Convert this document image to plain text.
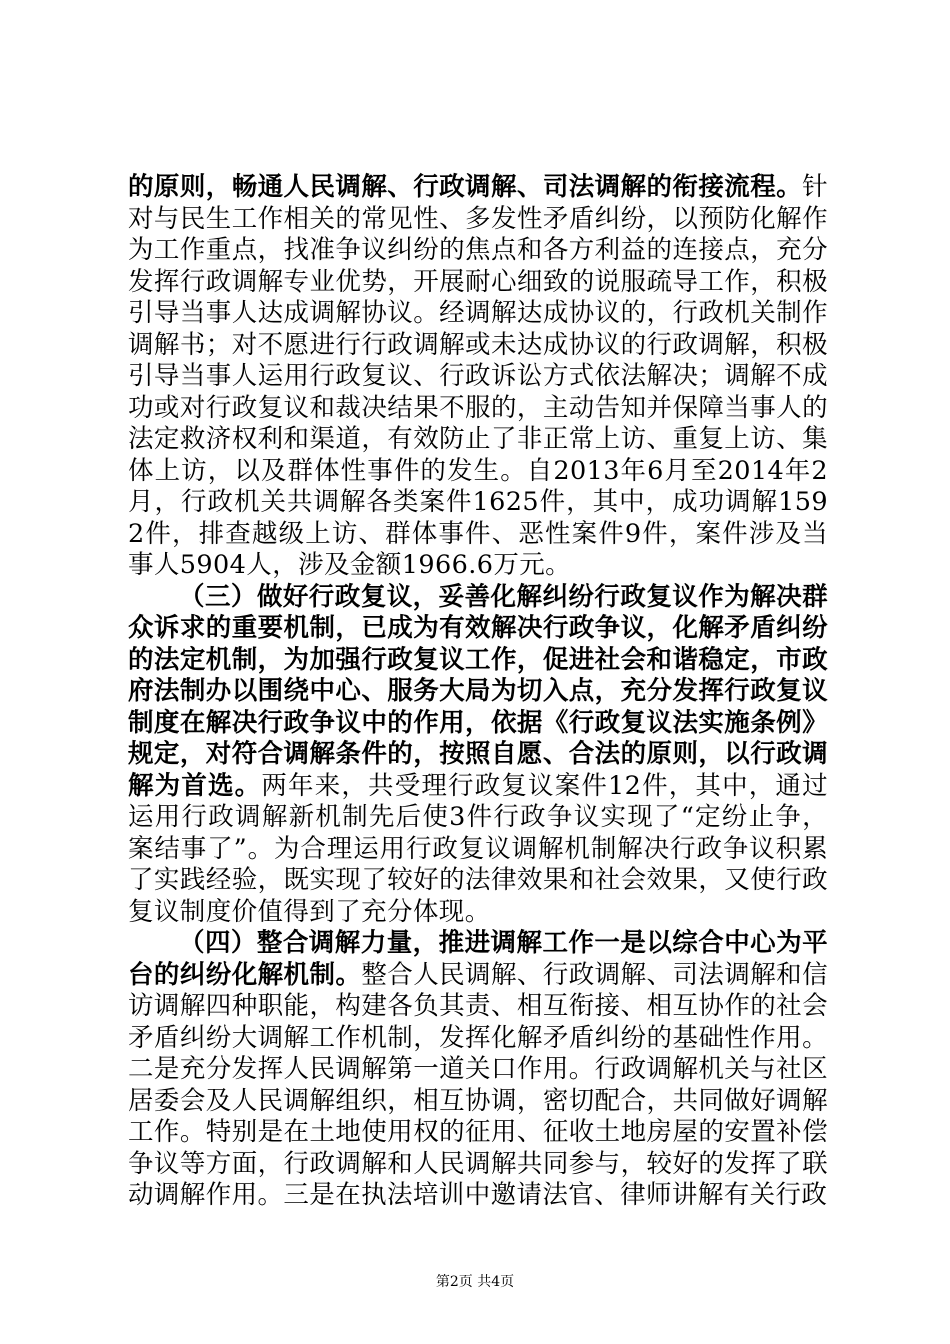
的原则，畅通人民调解、行政调解、司法调解的衔接流程。针对与民生工作相关的常见性、多发性矛盾纠纷，以预防化解作为工作重点，找准争议纠纷的焦点和各方利益的连接点，充分发挥行政调解专业优势，开展耐心细致的说服疏导工作，积极引导当事人达成调解协议。经调解达成协议的，行政机关制作调解书；对不愿进行行政调解或未达成协议的行政调解，积极引导当事人运用行政复议、行政诉讼方式依法解决；调解不成功或对行政复议和裁决结果不服的，主动告知并保障当事人的法定救济权利和渠道，有效防止了非正常上访、重复上访、集体上访，以及群体性事件的发生。自2013年6月至2014年2月，行政机关共调解各类案件1625件，其中，成功调解1592件，排查越级上访、群体事件、恶性案件9件，案件涉及当事人5904人，涉及金额1966.6万元。

（三）做好行政复议，妥善化解纠纷行政复议作为解决群众诉求的重要机制，已成为有效解决行政争议，化解矛盾纠纷的法定机制，为加强行政复议工作，促进社会和谐稳定，市政府法制办以围绕中心、服务大局为切入点，充分发挥行政复议制度在解决行政争议中的作用，依据《行政复议法实施条例》规定，对符合调解条件的，按照自愿、合法的原则，以行政调解为首选。两年来，共受理行政复议案件12件，其中，通过运用行政调解新机制先后使3件行政争议实现了“定纷止争，案结事了”。为合理运用行政复议调解机制解决行政争议积累了实践经验，既实现了较好的法律效果和社会效果，又使行政复议制度价值得到了充分体现。

（四）整合调解力量，推进调解工作一是以综合中心为平台的纠纷化解机制。整合人民调解、行政调解、司法调解和信访调解四种职能，构建各负其责、相互衔接、相互协作的社会矛盾纠纷大调解工作机制，发挥化解矛盾纠纷的基础性作用。二是充分发挥人民调解第一道关口作用。行政调解机关与社区居委会及人民调解组织，相互协调，密切配合，共同做好调解工作。特别是在土地使用权的征用、征收土地房屋的安置补偿争议等方面，行政调解和人民调解共同参与，较好的发挥了联动调解作用。三是在执法培训中邀请法官、律师讲解有关行政

第2页 共4页
